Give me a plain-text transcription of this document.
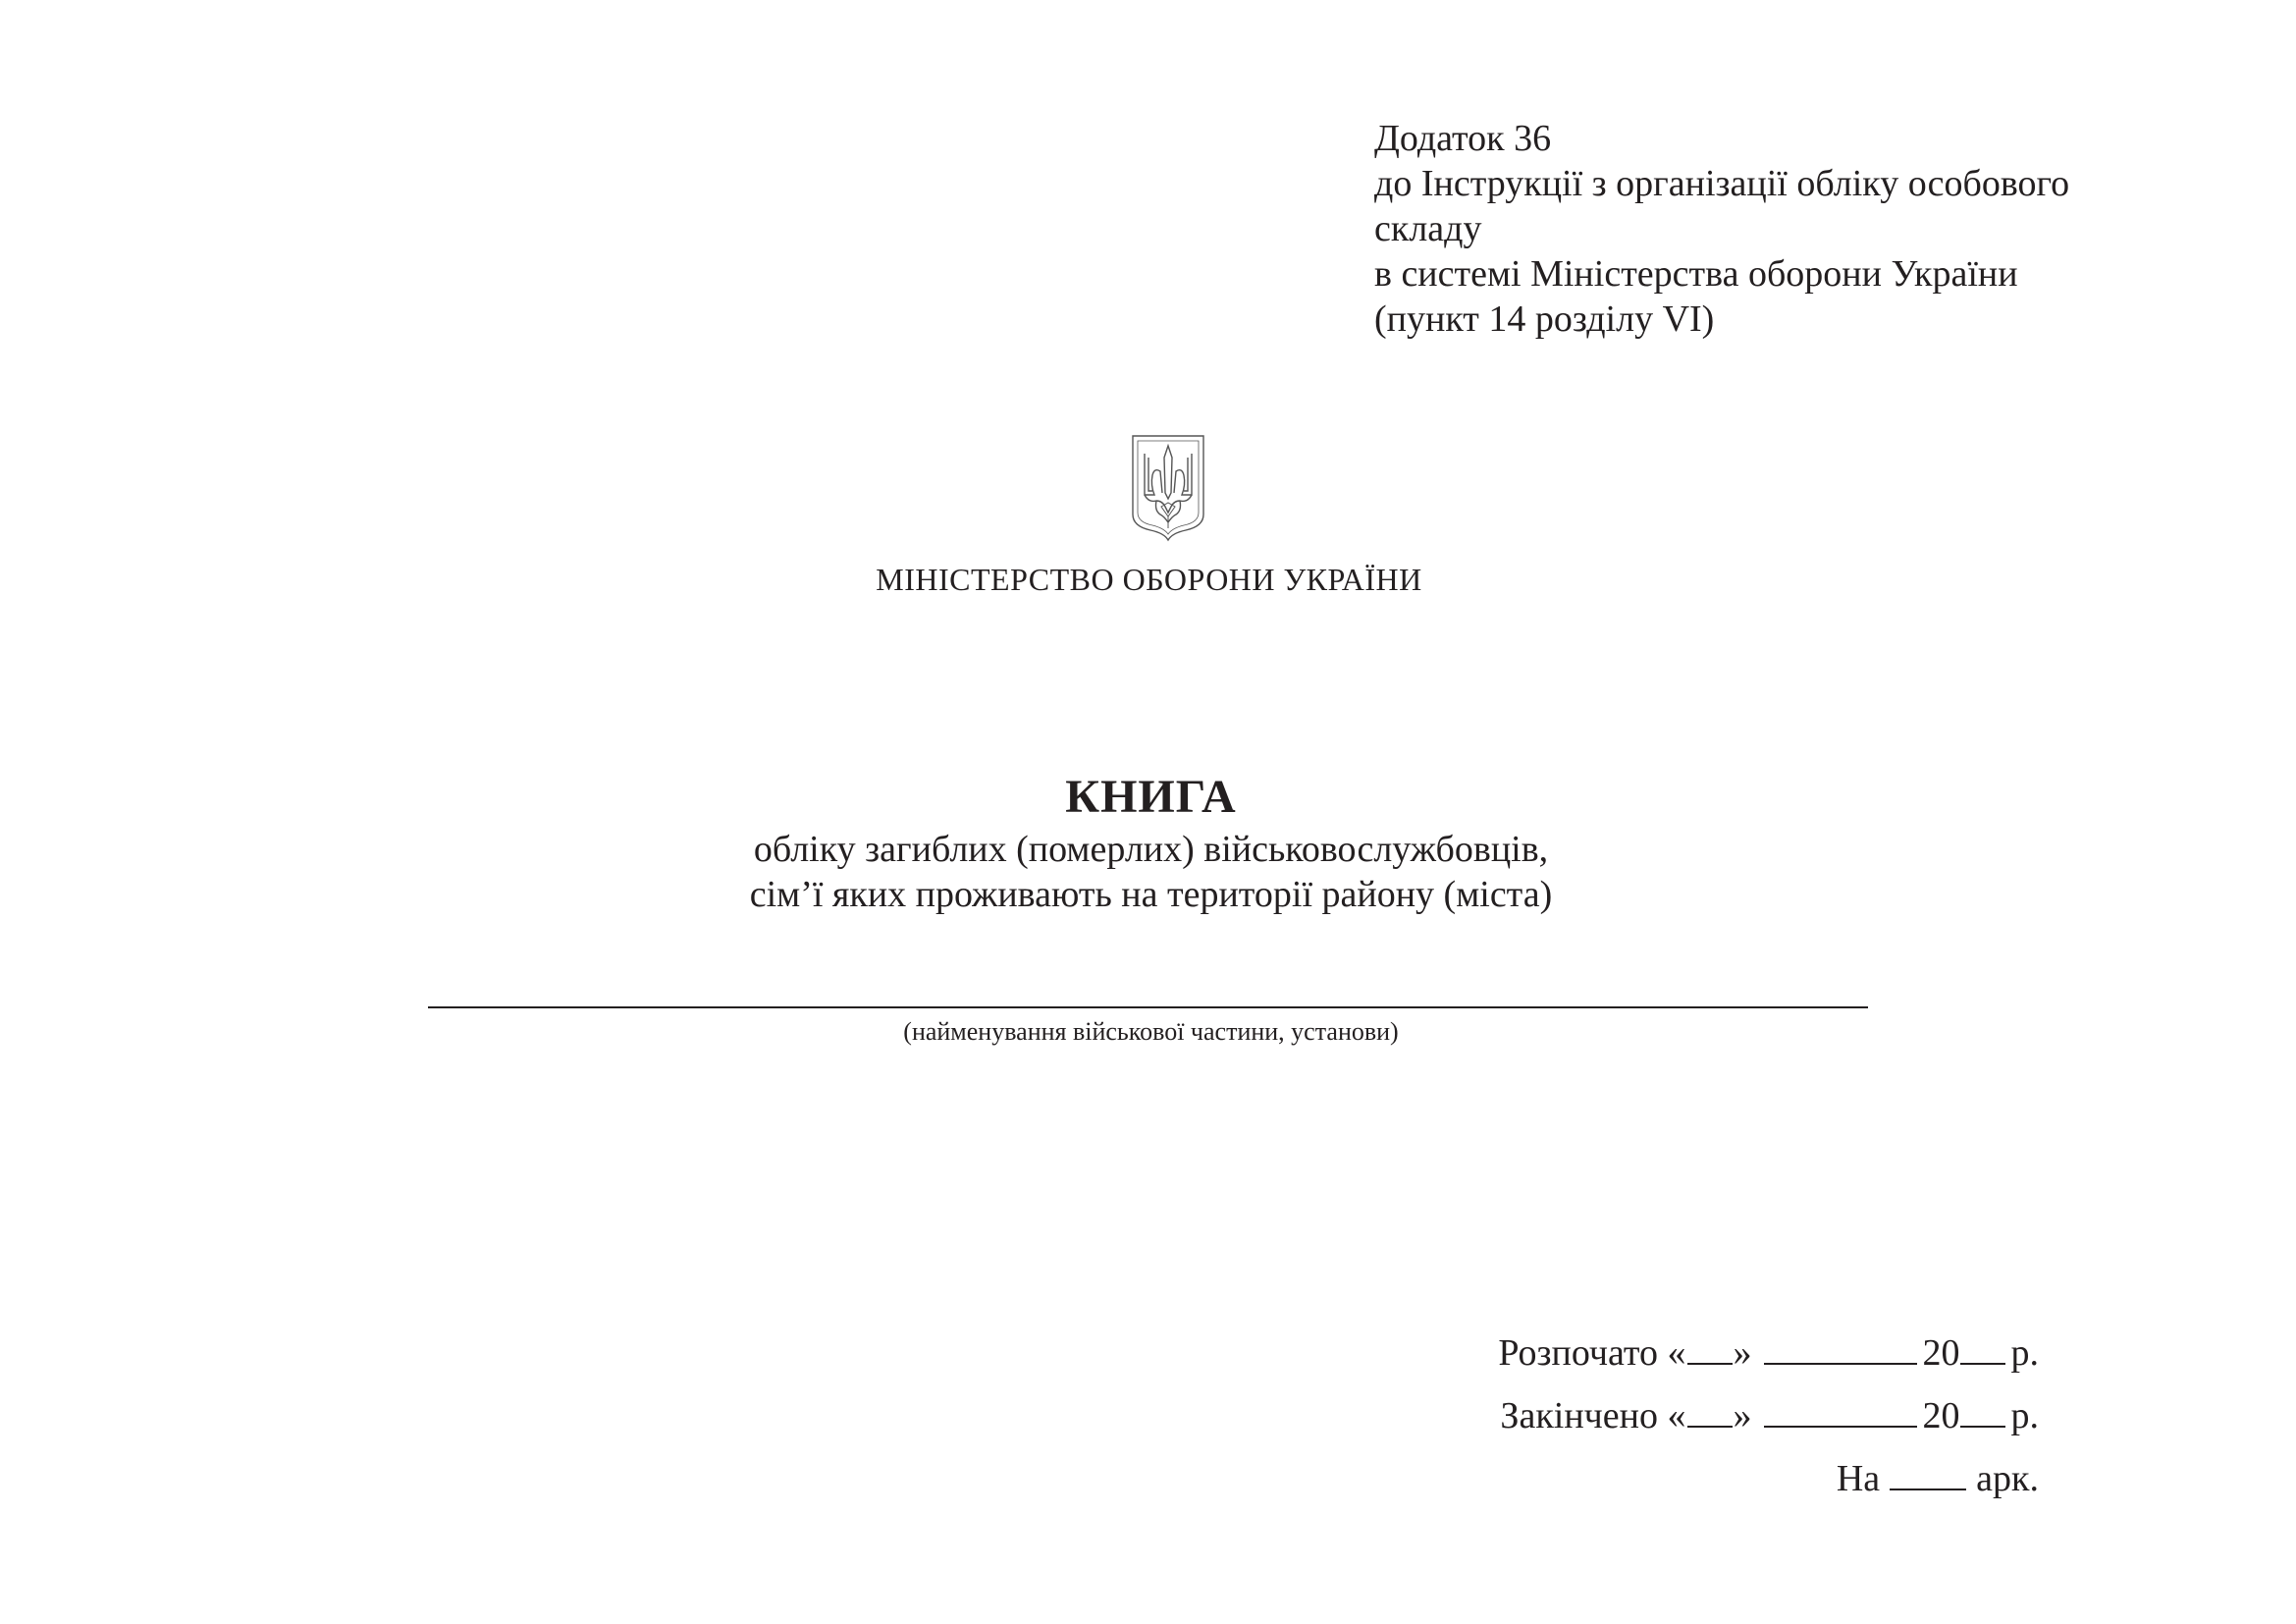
Додаток 36
до Інструкції з організації обліку особового
складу
в системі Міністерства оборони України
(пункт 14 розділу VI)
МІНІСТЕРСТВО ОБОРОНИ УКРАЇНИ
КНИГА
обліку загиблих (померлих) військовослужбовців,
сім’ї яких проживають на території району (міста)
(найменування військової частини, установи)
Розпочато « »	20 р.
Закінчено « »	20 р.
На	арк.
